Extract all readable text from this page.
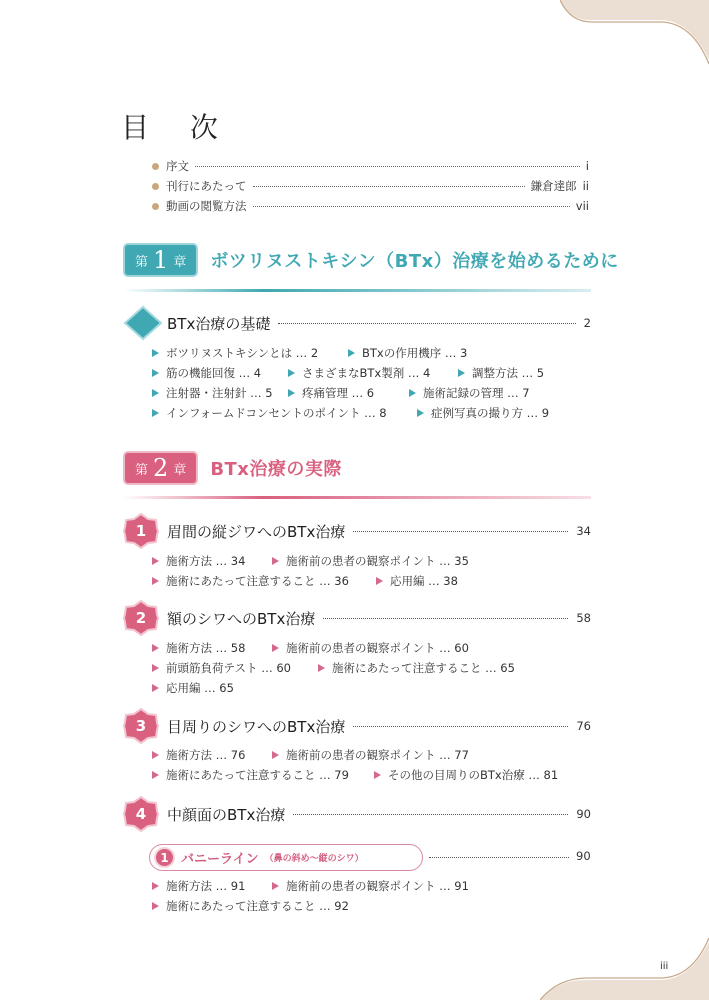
目 次
序文	i
刊行にあたって	鎌倉達郎 ii
動画の閲覧方法	vii
第 1 章 ボツリヌストキシン（BTx）治療を始めるために
BTx治療の基礎	2
ボツリヌストキシンとは … 2	BTxの作用機序 … 3
筋の機能回復 … 4	さまざまなBTx製剤 … 4	調整方法 … 5
注射器・注射針 … 5	疼痛管理 … 6	施術記録の管理 … 7
インフォームドコンセントのポイント … 8	症例写真の撮り方 … 9
第 2 章 BTx治療の実際
1	眉間の縦ジワへのBTx治療	34
施術方法 … 34	施術前の患者の観察ポイント … 35
施術にあたって注意すること … 36	応用編 … 38
2	額のシワへのBTx治療	58
施術方法 … 58	施術前の患者の観察ポイント … 60
前頭筋負荷テスト … 60	施術にあたって注意すること … 65
応用編 … 65
3	目周りのシワへのBTx治療	76
施術方法 … 76	施術前の患者の観察ポイント … 77
施術にあたって注意すること … 79	その他の目周りのBTx治療 … 81
4	中顔面のBTx治療	90
1 バニーライン （鼻の斜め〜縦のシワ）	90
施術方法 … 91	施術前の患者の観察ポイント … 91
施術にあたって注意すること … 92
iii
